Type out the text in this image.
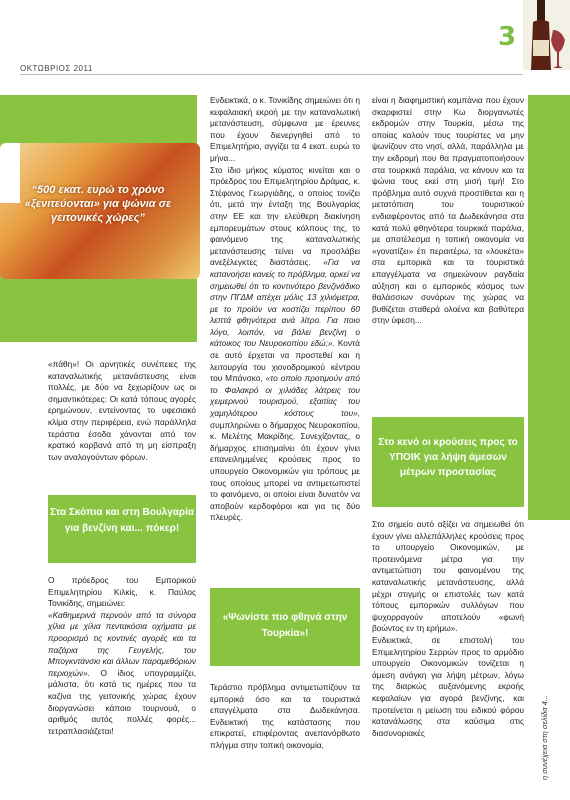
3
ΟΚΤΩΒΡΙΟΣ 2011
“500 εκατ. ευρώ το χρόνο «ξενιτεύονται» για ψώνια σε γειτονικές χώρες”

«πάθη»! Οι αρνητικές συνέπειες της καταναλωτικής μετανάστευσης είναι πολλές, με δύο να ξεχωρίζουν ως οι σημαντικότερες: Οι κατά τόπους αγορές ερημώνουν, εντείνοντας το υφεσιακό κλίμα στην περιφέρεια, ενώ παράλληλα τεράστια έσοδα χάνονται από τον κρατικό κορβανά από τη μη είσπραξη των αναλογούντων φόρων.

Στα Σκόπια και στη Βουλγαρία για βενζίνη και... πόκερ!

Ο πρόεδρος του Εμπορικού Επιμελητηρίου Κιλκίς, κ. Παύλος Τονικίδης, σημειώνει:

«Καθημερινά περνούν από τα σύνορα χίλια με χίλια πεντακόσια οχήματα με προορισμό τις κοντινές αγορές και τα παζάρια της Γευγελής, του Μπογκντάνσκι και άλλων παραμεθόριων περιοχών». Ο ίδιος υπογραμμίζει, μάλιστα, ότι κατά τις ημέρες που τα καζίνα της γειτονικής χώρας έχουν διοργανώσει κάποιο τουρνουά, ο αριθμός αυτός πολλές φορές... τετραπλασιάζεται!

Ενδεικτικά, ο κ. Τονικίδης σημειώνει ότι η κεφαλαιακή εκροή με την καταναλωτική μετανάστευση, σύμφωνα με έρευνες που έχουν διενεργηθεί από το Επιμελητήριο, αγγίζει τα 4 εκατ. ευρώ το μήνα...

Στο ίδιο μήκος κύματος κινείται και ο πρόεδρος του Επιμελητηρίου Δράμας, κ. Στέφανος Γεωργιάδης, ο οποίος τονίζει ότι, μετά την ένταξη της Βουλγαρίας στην ΕΕ και την ελεύθερη διακίνηση εμπορευμάτων στους κόλπους της, το φαινόμενο της καταναλωτικής μετανάστευσης τείνει να προσλάβει ανεξέλεγκτες διαστάσεις. «Για να κατανοήσει κανείς το πρόβλημα, αρκεί να σημειωθεί ότι το κοντινότερο βενζινάδικο στην ΠΓΔΜ απέχει μόλις 13 χιλιόμετρα, με το προϊόν να κοστίζει περίπου 60 λεπτά φθηνότερα ανά λίτρο. Για ποιο λόγο, λοιπόν, να βάλει βενζίνη ο κάτοικος του Νευροκοπίου εδώ;». Κοντά σε αυτό έρχεται να προστεθεί και η λειτουργία του χιονοδρομικού κέντρου του Μπάνσκο, «το οποίο προτιμούν από το Φαλακρό οι χιλιάδες λάτρεις του χειμερινού τουρισμού, εξαιτίας του χαμηλότερου κόστους του», συμπληρώνει ο δήμαρχος Νευροκοπίου, κ. Μελέτης Μακρίδης. Συνεχίζοντας, ο δήμαρχος επισημαίνει ότι έχουν γίνει επανειλημμένες κρούσεις προς το υπουργείο Οικονομικών για τρόπους με τους οποίους μπορεί να αντιμετωπιστεί το φαινόμενο, οι οποίοι είναι δυνατόν να αποβούν κερδοφόροι και για τις δύο πλευρές.

«Ψωνίστε πιο φθηνά στην Τουρκία»!

Τεράστιο πρόβλημα αντιμετωπίζουν τα εμπορικά όσο και τα τουριστικά επαγγέλματα στα Δωδεκάνησα. Ενδεικτική της κατάστασης που επικρατεί, επιφέροντας ανεπανόρθωτο πλήγμα στην τοπική οικονομία,

είναι η διαφημιστική καμπάνια που έχουν σκαρφιστεί στην Κω διοργανωτές εκδρομών στην Τουρκία, μέσω της οποίας καλούν τους τουρίστες να μην ψωνίζουν στο νησί, αλλά, παράλληλα με την εκδρομή που θα πραγματοποιήσουν στα τουρκικά παράλια, να κάνουν και τα ψώνια τους εκεί στη μισή τιμή! Στο πρόβλημα αυτό συχνά προστίθεται και η μετατόπιση του τουριστικού ενδιαφέροντος από τα Δωδεκάνησα στα κατά πολύ φθηνότερα τουρκικά παράλια, με αποτέλεσμα η τοπική οικονομία να «γονατίζει» έτι περαιτέρω, τα «λουκέτα» στα εμπορικά και τα τουριστικά επαγγέλματα να σημειώνουν ραγδαία αύξηση και ο εμπορικός κόσμος των θαλάσσιων συνόρων της χώρας να βυθίζεται σταθερά ολοένα και βαθύτερα στην ύφεση...

Στο κενό οι κρούσεις προς το ΥΠΟΙΚ για λήψη άμεσων μέτρων προστασίας

Στο σημείο αυτό αξίζει να σημειωθεί ότι έχουν γίνει αλλεπάλληλες κρούσεις προς το υπουργείο Οικονομικών, με προτεινόμενα μέτρα για την αντιμετώπιση του φαινομένου της καταναλωτικής μετανάστευσης, αλλά μέχρι στιγμής οι επιστολές των κατά τόπους εμπορικών συλλόγων που ψυχορραγούν αποτελούν «φωνή βοώντος εν τη ερήμω».

Ενδεικτικά, σε επιστολή του Επιμελητηρίου Σερρών προς το αρμόδιο υπουργείο Οικονομικών τονίζεται η άμεση ανάγκη για λήψη μέτρων, λόγω της διαρκώς αυξανόμενης εκροής κεφαλαίων για αγορά βενζίνης, και προτείνεται η μείωση του ειδικού φόρου κατανάλωσης στα καύσιμα στις διασυνοριακές	η συνέχεια στη σελίδα 4...
